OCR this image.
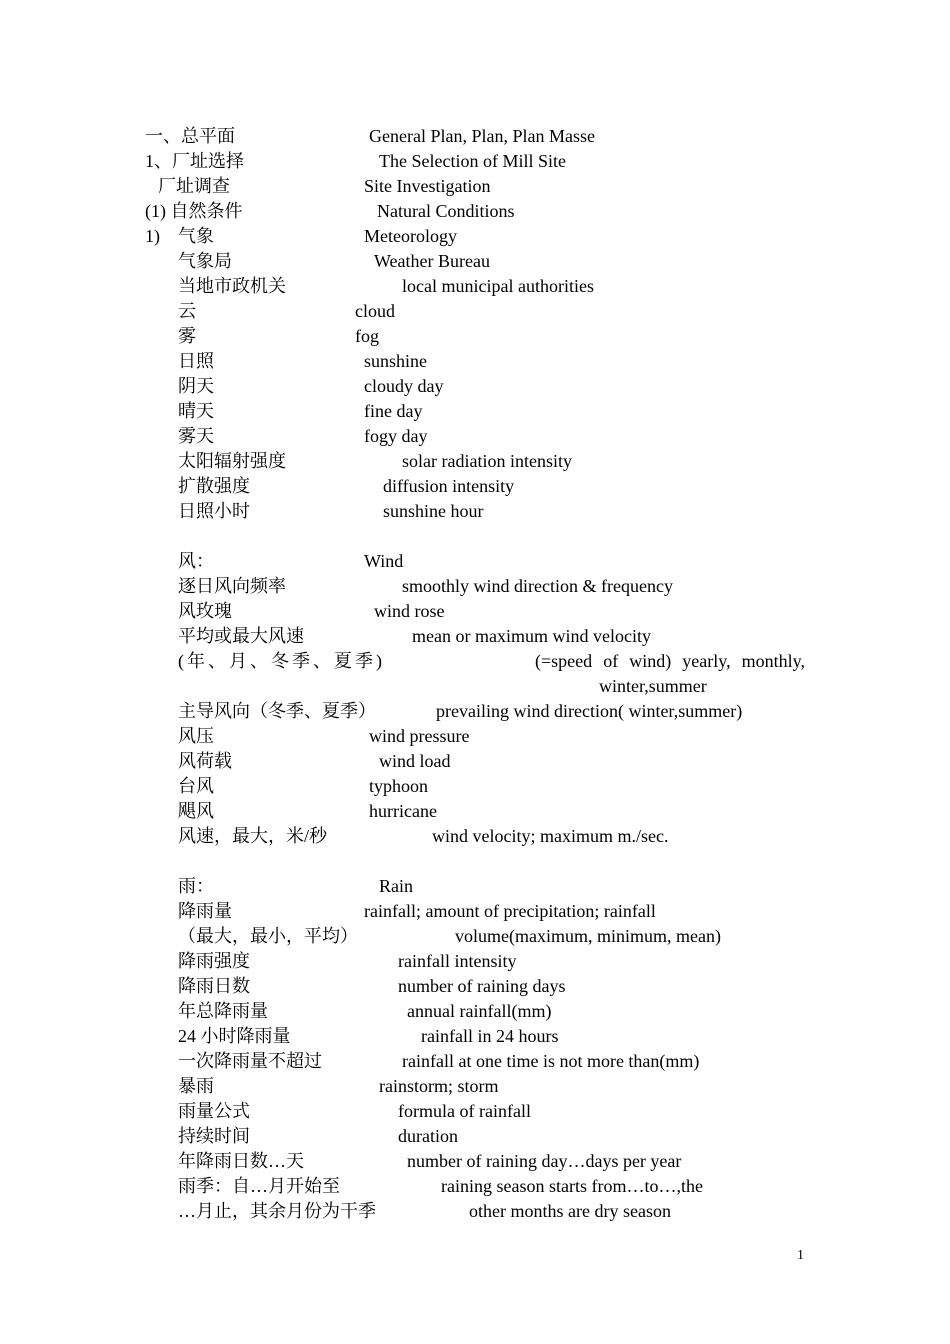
一、总平面	General Plan, Plan, Plan Masse
1、厂址选择	The Selection of Mill Site
厂址调查	Site Investigation
(1) 自然条件	Natural Conditions
1)    气象	Meteorology
气象局	Weather Bureau
当地市政机关	local municipal authorities
云	cloud
雾	fog
日照	sunshine
阴天	cloudy day
晴天	fine day
雾天	fogy day
太阳辐射强度	solar radiation intensity
扩散强度	diffusion intensity
日照小时	sunshine hour
风：	Wind
逐日风向频率	smoothly wind direction & frequency
风玫瑰	wind rose
平均或最大风速	mean or maximum wind velocity
(年、月、冬季、夏季)	(=speed of wind) yearly, monthly,
winter,summer
主导风向（冬季、夏季）	prevailing wind direction( winter,summer)
风压	wind pressure
风荷载	wind load
台风	typhoon
飓风	hurricane
风速，最大，米/秒	wind velocity; maximum m./sec.
雨：	Rain
降雨量	rainfall; amount of precipitation; rainfall
（最大，最小，平均）	volume(maximum, minimum, mean)
降雨强度	rainfall intensity
降雨日数	number of raining days
年总降雨量	annual rainfall(mm)
24 小时降雨量	rainfall in 24 hours
一次降雨量不超过	rainfall at one time is not more than(mm)
暴雨	rainstorm; storm
雨量公式	formula of rainfall
持续时间	duration
年降雨日数…天	number of raining day…days per year
雨季：自…月开始至	raining season starts from…to…,the
…月止，其余月份为干季	other months are dry season
1
